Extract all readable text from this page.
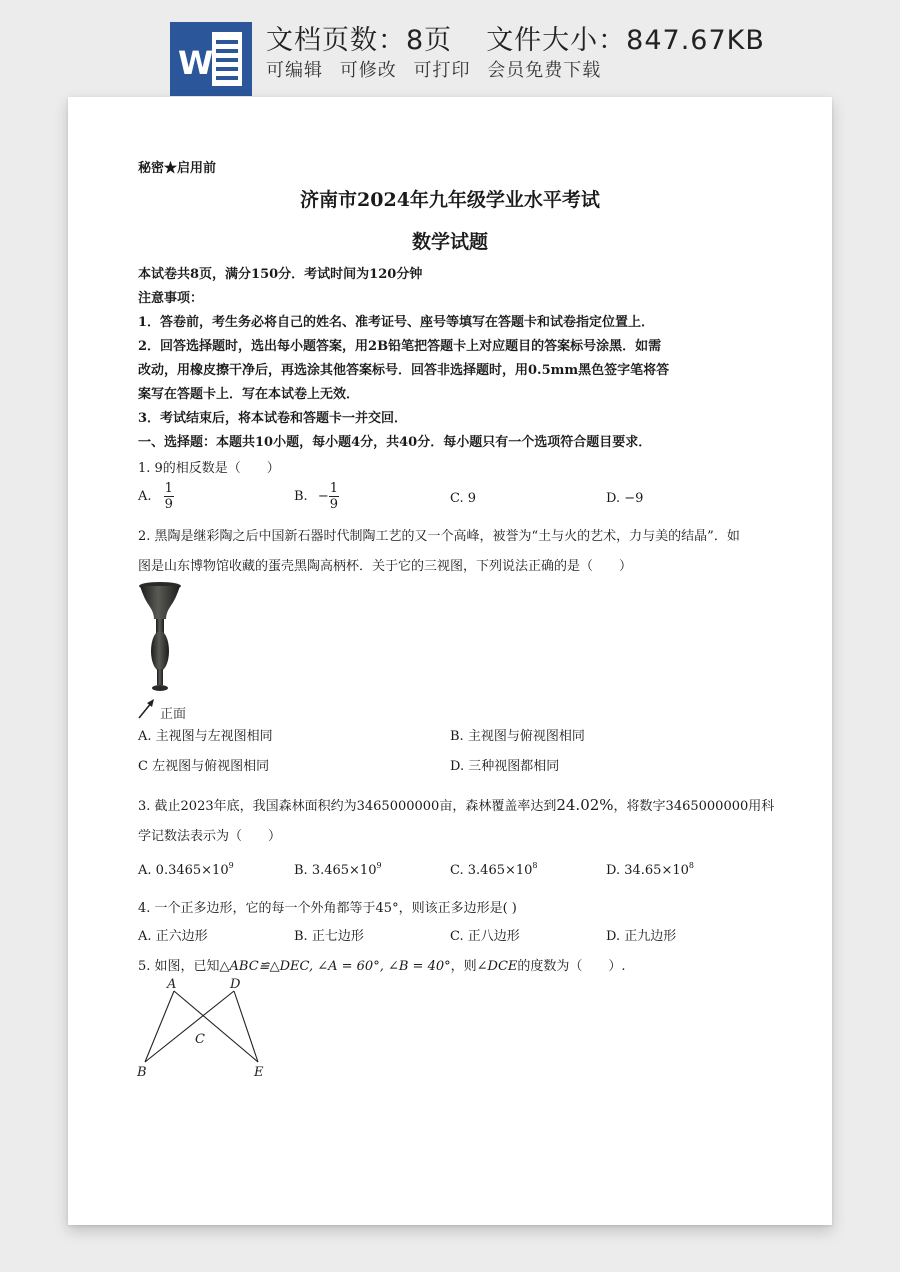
W
文档页数：8页 文件大小：847.67KB
可编辑 可修改 可打印 会员免费下载
秘密★启用前
济南市2024年九年级学业水平考试
数学试题
本试卷共8页，满分150分．考试时间为120分钟
注意事项：
1．答卷前，考生务必将自己的姓名、准考证号、座号等填写在答题卡和试卷指定位置上．
2．回答选择题时，选出每小题答案，用2B铅笔把答题卡上对应题目的答案标号涂黑．如需
改动，用橡皮擦干净后，再选涂其他答案标号．回答非选择题时，用0.5mm黑色签字笔将答
案写在答题卡上．写在本试卷上无效．
3．考试结束后，将本试卷和答题卡一并交回．
一、选择题：本题共10小题，每小题4分，共40分．每小题只有一个选项符合题目要求．
1. 9的相反数是（　　）
A. $\frac{1}{9}$	B. − $\frac{1}{9}$	C. 9	D. −9
2. 黑陶是继彩陶之后中国新石器时代制陶工艺的又一个高峰，被誉为“土与火的艺术，力与美的结晶”．如
图是山东博物馆收藏的蛋壳黑陶高柄杯．关于它的三视图，下列说法正确的是（　　）
正面
A. 主视图与左视图相同	B. 主视图与俯视图相同
C 左视图与俯视图相同	D. 三种视图都相同
3. 截止2023年底，我国森林面积约为3465000000亩，森林覆盖率达到24.02%，将数字3465000000用科
学记数法表示为（　　）
A. $0.3465\times 10^9$	B. $3.465\times 10^9$	C. $3.465\times 10^8$	D. $34.65\times 10^8$
4. 一个正多边形，它的每一个外角都等于45°，则该正多边形是( )
A. 正六边形	B. 正七边形	C. 正八边形	D. 正九边形
5. 如图，已知△ABC≌△DEC, ∠A = 60°, ∠B = 40°，则∠DCE的度数为（　　）.
A	D
C
B	E
